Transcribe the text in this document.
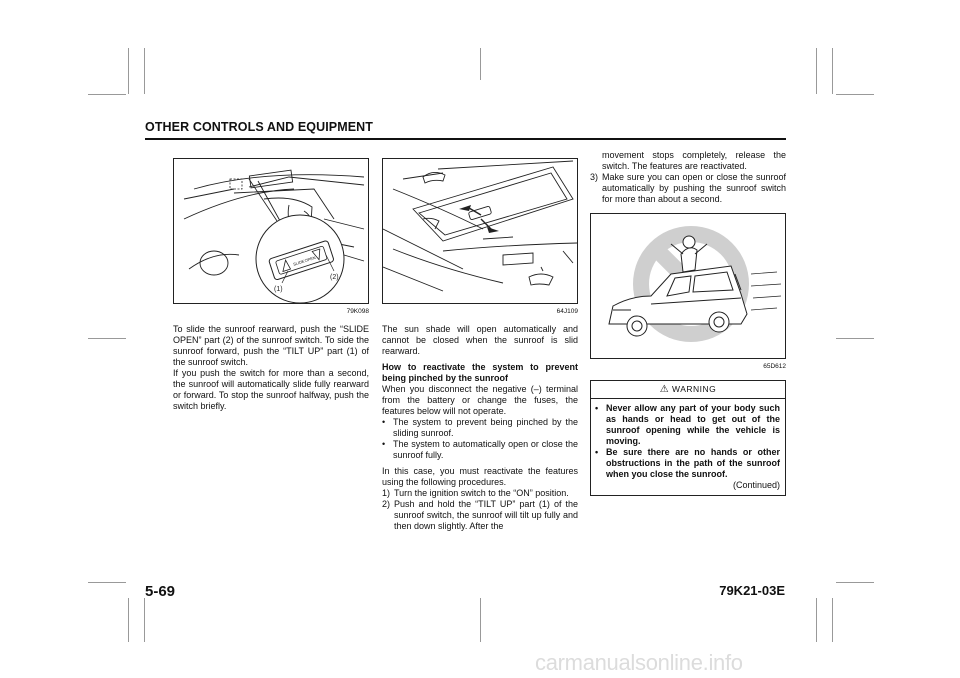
OTHER CONTROLS AND EQUIPMENT
SLIDE
OPEN
(1)
(2)
79K098

To slide the sunroof rearward, push the “SLIDE OPEN” part (2) of the sunroof switch. To side the sunroof forward, push the “TILT UP” part (1) of the sunroof switch.

If you push the switch for more than a second, the sunroof will automatically slide fully rearward or forward. To stop the sunroof halfway, push the switch briefly.

64J109

The sun shade will open automatically and cannot be closed when the sunroof is slid rearward.

How to reactivate the system to prevent being pinched by the sunroof

When you disconnect the negative (–) terminal from the battery or change the fuses, the features below will not operate.

• The system to prevent being pinched by the sliding sunroof.
• The system to automatically open or close the sunroof fully.

In this case, you must reactivate the features using the following procedures.

1) Turn the ignition switch to the “ON” position.
2) Push and hold the “TILT UP” part (1) of the sunroof switch, the sunroof will tilt up fully and then down slightly. After the
movement stops completely, release the switch. The features are reactivated.
3) Make sure you can open or close the sunroof automatically by pushing the sunroof switch for more than about a second.
65D612
⚠ WARNING
• Never allow any part of your body such as hands or head to get out of the sunroof opening while the vehicle is moving.
• Be sure there are no hands or other obstructions in the path of the sunroof when you close the sunroof.
(Continued)
5-69	79K21-03E
carmanualsonline.info
